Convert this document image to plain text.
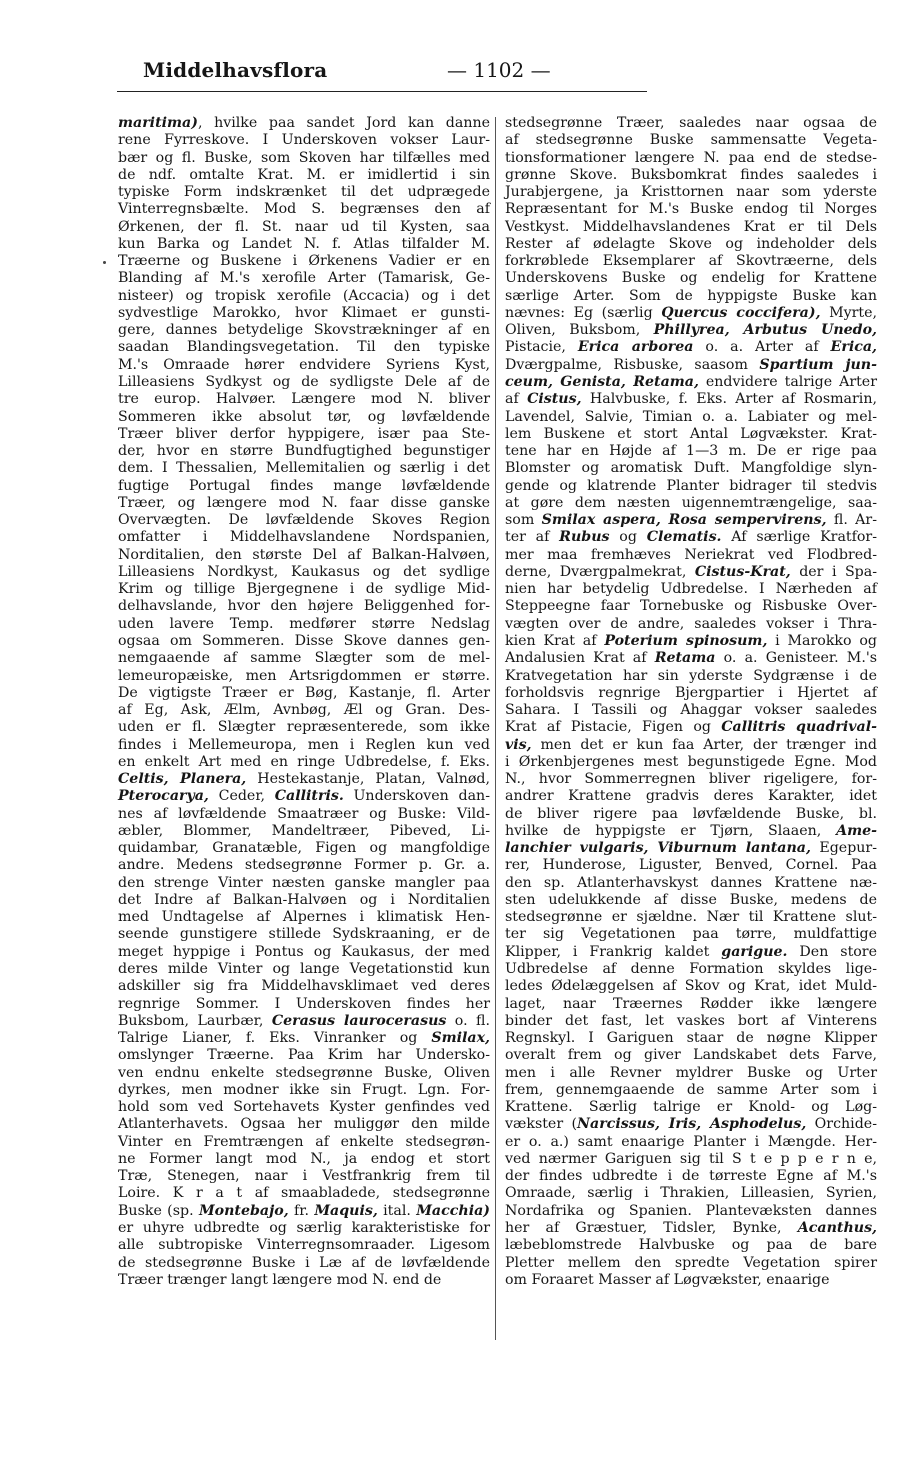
Middelhavsflora	— 1102 —
maritima), hvilke paa sandet Jord kan danne
rene Fyrreskove. I Underskoven vokser Laur-
bær og fl. Buske, som Skoven har tilfælles med
de ndf. omtalte Krat. M. er imidlertid i sin
typiske Form indskrænket til det udprægede
Vinterregnsbælte. Mod S. begrænses den af
Ørkenen, der fl. St. naar ud til Kysten, saa
kun Barka og Landet N. f. Atlas tilfalder M.
Træerne og Buskene i Ørkenens Vadier er en
Blanding af M.'s xerofile Arter (Tamarisk, Ge-
nisteer) og tropisk xerofile (Accacia) og i det
sydvestlige Marokko, hvor Klimaet er gunsti-
gere, dannes betydelige Skovstrækninger af en
saadan Blandingsvegetation. Til den typiske
M.'s Omraade hører endvidere Syriens Kyst,
Lilleasiens Sydkyst og de sydligste Dele af de
tre europ. Halvøer. Længere mod N. bliver
Sommeren ikke absolut tør, og løvfældende
Træer bliver derfor hyppigere, især paa Ste-
der, hvor en større Bundfugtighed begunstiger
dem. I Thessalien, Mellemitalien og særlig i det
fugtige Portugal findes mange løvfældende
Træer, og længere mod N. faar disse ganske
Overvægten. De løvfældende Skoves Region
omfatter i Middelhavslandene Nordspanien,
Norditalien, den største Del af Balkan-Halvøen,
Lilleasiens Nordkyst, Kaukasus og det sydlige
Krim og tillige Bjergegnene i de sydlige Mid-
delhavslande, hvor den højere Beliggenhed for-
uden lavere Temp. medfører større Nedslag
ogsaa om Sommeren. Disse Skove dannes gen-
nemgaaende af samme Slægter som de mel-
lemeuropæiske, men Artsrigdommen er større.
De vigtigste Træer er Bøg, Kastanje, fl. Arter
af Eg, Ask, Ælm, Avnbøg, Æl og Gran. Des-
uden er fl. Slægter repræsenterede, som ikke
findes i Mellemeuropa, men i Reglen kun ved
en enkelt Art med en ringe Udbredelse, f. Eks.
Celtis, Planera, Hestekastanje, Platan, Valnød,
Pterocarya, Ceder, Callitris. Underskoven dan-
nes af løvfældende Smaatræer og Buske: Vild-
æbler, Blommer, Mandeltræer, Pibeved, Li-
quidambar, Granatæble, Figen og mangfoldige
andre. Medens stedsegrønne Former p. Gr. a.
den strenge Vinter næsten ganske mangler paa
det Indre af Balkan-Halvøen og i Norditalien
med Undtagelse af Alpernes i klimatisk Hen-
seende gunstigere stillede Sydskraaning, er de
meget hyppige i Pontus og Kaukasus, der med
deres milde Vinter og lange Vegetationstid kun
adskiller sig fra Middelhavsklimaet ved deres
regnrige Sommer. I Underskoven findes her
Buksbom, Laurbær, Cerasus laurocerasus o. fl.
Talrige Lianer, f. Eks. Vinranker og Smilax,
omslynger Træerne. Paa Krim har Undersko-
ven endnu enkelte stedsegrønne Buske, Oliven
dyrkes, men modner ikke sin Frugt. Lgn. For-
hold som ved Sortehavets Kyster genfindes ved
Atlanterhavets. Ogsaa her muliggør den milde
Vinter en Fremtrængen af enkelte stedsegrøn-
ne Former langt mod N., ja endog et stort
Træ, Stenegen, naar i Vestfrankrig frem til
Loire. K r a t af smaabladede, stedsegrønne
Buske (sp. Montebajo, fr. Maquis, ital. Macchia)
er uhyre udbredte og særlig karakteristiske for
alle subtropiske Vinterregnsomraader. Ligesom
de stedsegrønne Buske i Læ af de løvfældende
Træer trænger langt længere mod N. end de
stedsegrønne Træer, saaledes naar ogsaa de
af stedsegrønne Buske sammensatte Vegeta-
tionsformationer længere N. paa end de stedse-
grønne Skove. Buksbomkrat findes saaledes i
Jurabjergene, ja Kristtornen naar som yderste
Repræsentant for M.'s Buske endog til Norges
Vestkyst. Middelhavslandenes Krat er til Dels
Rester af ødelagte Skove og indeholder dels
forkrøblede Eksemplarer af Skovtræerne, dels
Underskovens Buske og endelig for Krattene
særlige Arter. Som de hyppigste Buske kan
nævnes: Eg (særlig Quercus coccifera), Myrte,
Oliven, Buksbom, Phillyrea, Arbutus Unedo,
Pistacie, Erica arborea o. a. Arter af Erica,
Dværgpalme, Risbuske, saasom Spartium jun-
ceum, Genista, Retama, endvidere talrige Arter
af Cistus, Halvbuske, f. Eks. Arter af Rosmarin,
Lavendel, Salvie, Timian o. a. Labiater og mel-
lem Buskene et stort Antal Løgvækster. Krat-
tene har en Højde af 1—3 m. De er rige paa
Blomster og aromatisk Duft. Mangfoldige slyn-
gende og klatrende Planter bidrager til stedvis
at gøre dem næsten uigennemtrængelige, saa-
som Smilax aspera, Rosa sempervirens, fl. Ar-
ter af Rubus og Clematis. Af særlige Kratfor-
mer maa fremhæves Neriekrat ved Flodbred-
derne, Dværgpalmekrat, Cistus-Krat, der i Spa-
nien har betydelig Udbredelse. I Nærheden af
Steppeegne faar Tornebuske og Risbuske Over-
vægten over de andre, saaledes vokser i Thra-
kien Krat af Poterium spinosum, i Marokko og
Andalusien Krat af Retama o. a. Genisteer. M.'s
Kratvegetation har sin yderste Sydgrænse i de
forholdsvis regnrige Bjergpartier i Hjertet af
Sahara. I Tassili og Ahaggar vokser saaledes
Krat af Pistacie, Figen og Callitris quadrival-
vis, men det er kun faa Arter, der trænger ind
i Ørkenbjergenes mest begunstigede Egne. Mod
N., hvor Sommerregnen bliver rigeligere, for-
andrer Krattene gradvis deres Karakter, idet
de bliver rigere paa løvfældende Buske, bl.
hvilke de hyppigste er Tjørn, Slaaen, Ame-
lanchier vulgaris, Viburnum lantana, Egepur-
rer, Hunderose, Liguster, Benved, Cornel. Paa
den sp. Atlanterhavskyst dannes Krattene næ-
sten udelukkende af disse Buske, medens de
stedsegrønne er sjældne. Nær til Krattene slut-
ter sig Vegetationen paa tørre, muldfattige
Klipper, i Frankrig kaldet garigue. Den store
Udbredelse af denne Formation skyldes lige-
ledes Ødelæggelsen af Skov og Krat, idet Muld-
laget, naar Træernes Rødder ikke længere
binder det fast, let vaskes bort af Vinterens
Regnskyl. I Gariguen staar de nøgne Klipper
overalt frem og giver Landskabet dets Farve,
men i alle Revner myldrer Buske og Urter
frem, gennemgaaende de samme Arter som i
Krattene. Særlig talrige er Knold- og Løg-
vækster (Narcissus, Iris, Asphodelus, Orchide-
er o. a.) samt enaarige Planter i Mængde. Her-
ved nærmer Gariguen sig til S t e p p e r n e,
der findes udbredte i de tørreste Egne af M.'s
Omraade, særlig i Thrakien, Lilleasien, Syrien,
Nordafrika og Spanien. Plantevæksten dannes
her af Græstuer, Tidsler, Bynke, Acanthus,
læbeblomstrede Halvbuske og paa de bare
Pletter mellem den spredte Vegetation spirer
om Foraaret Masser af Løgvækster, enaarige
